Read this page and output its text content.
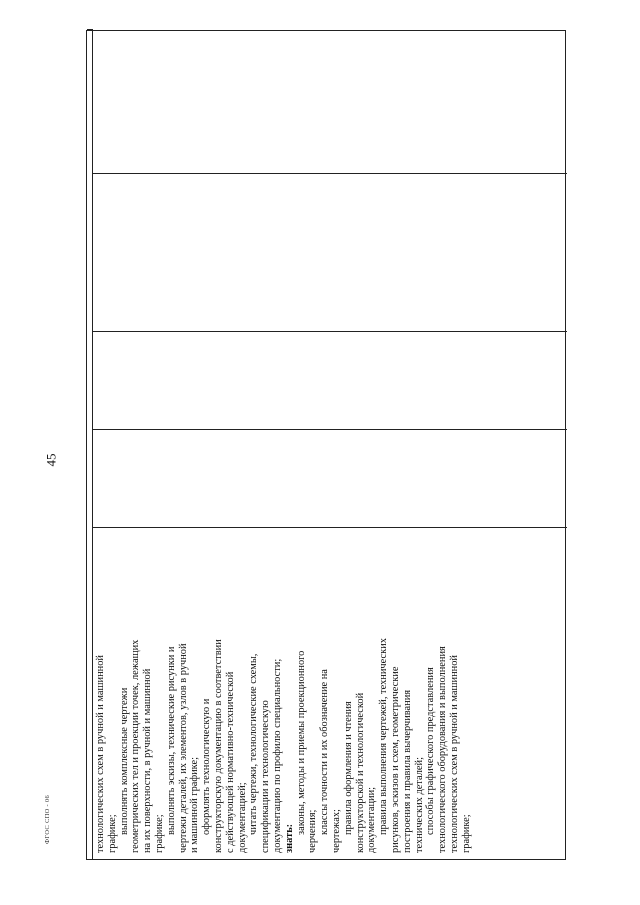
технологических схем в ручной и машинной графике; выполнять комплексные чертежи геометрических тел и проекции точек, лежащих на их поверхности, в ручной и машинной графике; выполнять эскизы, технические рисунки и чертежи деталей, их элементов, узлов в ручной и машинной графике; оформлять технологическую и конструкторскую документацию в соответствии с действующей нормативно-технической документацией; читать чертежи, технологические схемы, спецификации и технологическую документацию по профилю специальности; знать:
законы, методы и приемы проекционного черчения; классы точности и их обозначение на чертежах; правила оформления и чтения конструкторской и технологической документации; правила выполнения чертежей, технических рисунков, эскизов и схем, геометрические построения и правила вычерчивания технических деталей; способы графического представления технологического оборудования и выполнения технологических схем в ручной и машинной графике;
45
ФГОС СПО - 06
